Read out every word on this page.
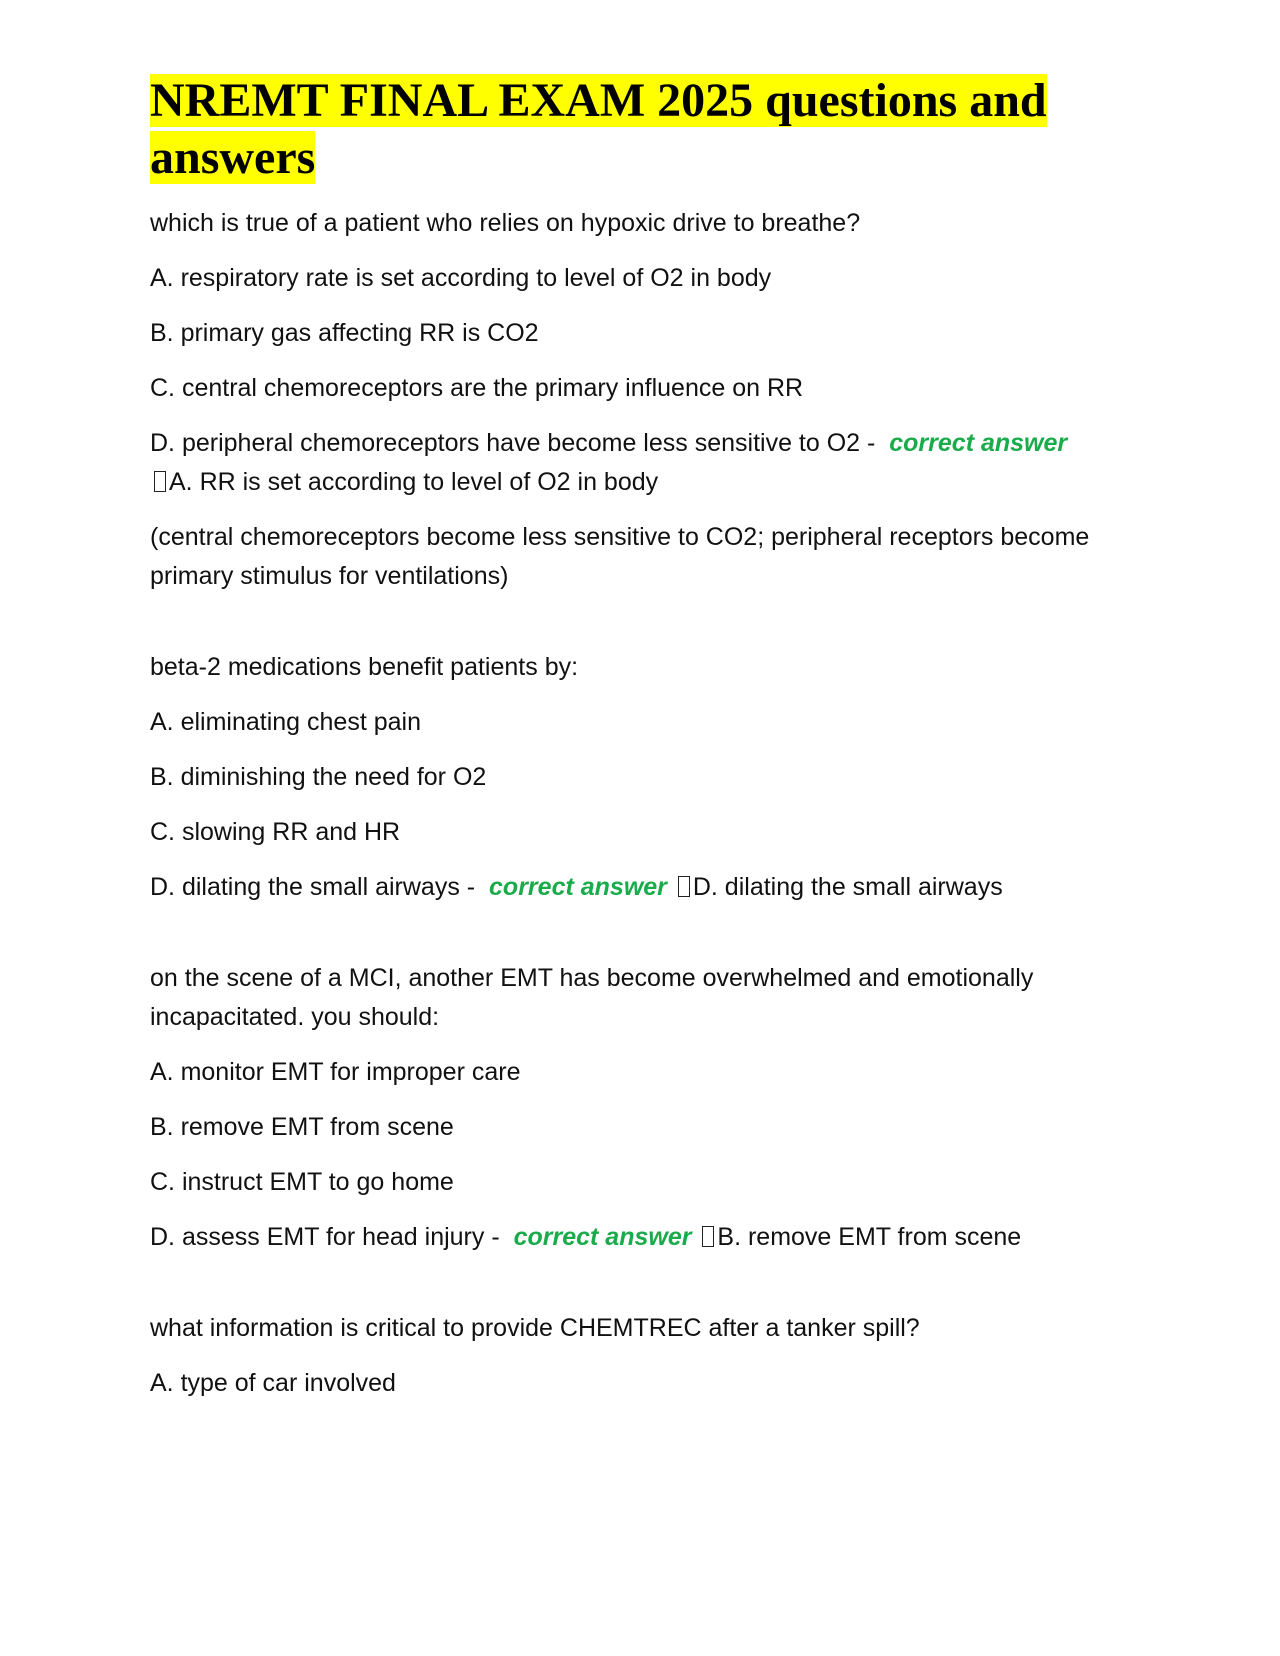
NREMT FINAL EXAM 2025 questions and answers

which is true of a patient who relies on hypoxic drive to breathe?

A. respiratory rate is set according to level of O2 in body

B. primary gas affecting RR is CO2

C. central chemoreceptors are the primary influence on RR

D. peripheral chemoreceptors have become less sensitive to O2 - correct answer
A. RR is set according to level of O2 in body

(central chemoreceptors become less sensitive to CO2; peripheral receptors become primary stimulus for ventilations)

beta-2 medications benefit patients by:

A. eliminating chest pain

B. diminishing the need for O2

C. slowing RR and HR

D. dilating the small airways - correct answer D. dilating the small airways

on the scene of a MCI, another EMT has become overwhelmed and emotionally incapacitated. you should:

A. monitor EMT for improper care

B. remove EMT from scene

C. instruct EMT to go home

D. assess EMT for head injury - correct answer B. remove EMT from scene

what information is critical to provide CHEMTREC after a tanker spill?

A. type of car involved
